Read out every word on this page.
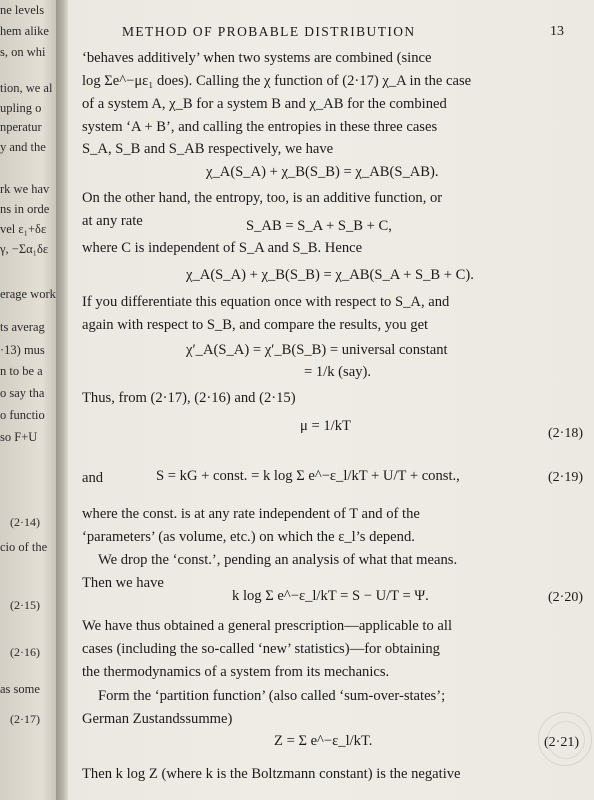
ne levels
hem alike
s, on whi
tion, we al
upling o
nperatur
y and the
rk we hav
ns in orde
vel ε₁+δε
γ, −Σα₁δε
erage work
ts averag
·13) mus
n to be a
o say tha
o functio
so F+U
(2·14)
cio of the
(2·15)
(2·16)
as some
(2·17)
METHOD OF PROBABLE DISTRIBUTION	13
‘behaves additively’ when two systems are combined (since
log Σe^−με₁ does). Calling the χ function of (2·17) χ_A in the case
of a system A, χ_B for a system B and χ_AB for the combined
system ‘A + B’, and calling the entropies in these three cases
S_A, S_B and S_AB respectively, we have
χ_A(S_A) + χ_B(S_B) = χ_AB(S_AB).
On the other hand, the entropy, too, is an additive function, or
at any rate	S_AB = S_A + S_B + C,
where C is independent of S_A and S_B. Hence
χ_A(S_A) + χ_B(S_B) = χ_AB(S_A + S_B + C).
If you differentiate this equation once with respect to S_A, and
again with respect to S_B, and compare the results, you get
χ′_A(S_A) = χ′_B(S_B) = universal constant
= 1/k (say).
Thus, from (2·17), (2·16) and (2·15)
μ = 1/kT	(2·18)
and	S = kG + const. = k log Σ e^−ε_l/kT + U/T + const.,	(2·19)
where the const. is at any rate independent of T and of the
‘parameters’ (as volume, etc.) on which the ε_l’s depend.
We drop the ‘const.’, pending an analysis of what that means.
Then we have
k log Σ e^−ε_l/kT = S − U/T = Ψ.	(2·20)
We have thus obtained a general prescription—applicable to all
cases (including the so-called ‘new’ statistics)—for obtaining
the thermodynamics of a system from its mechanics.
Form the ‘partition function’ (also called ‘sum-over-states’;
German Zustandssumme)
Z = Σ e^−ε_l/kT.	(2·21)
Then k log Z (where k is the Boltzmann constant) is the negative
